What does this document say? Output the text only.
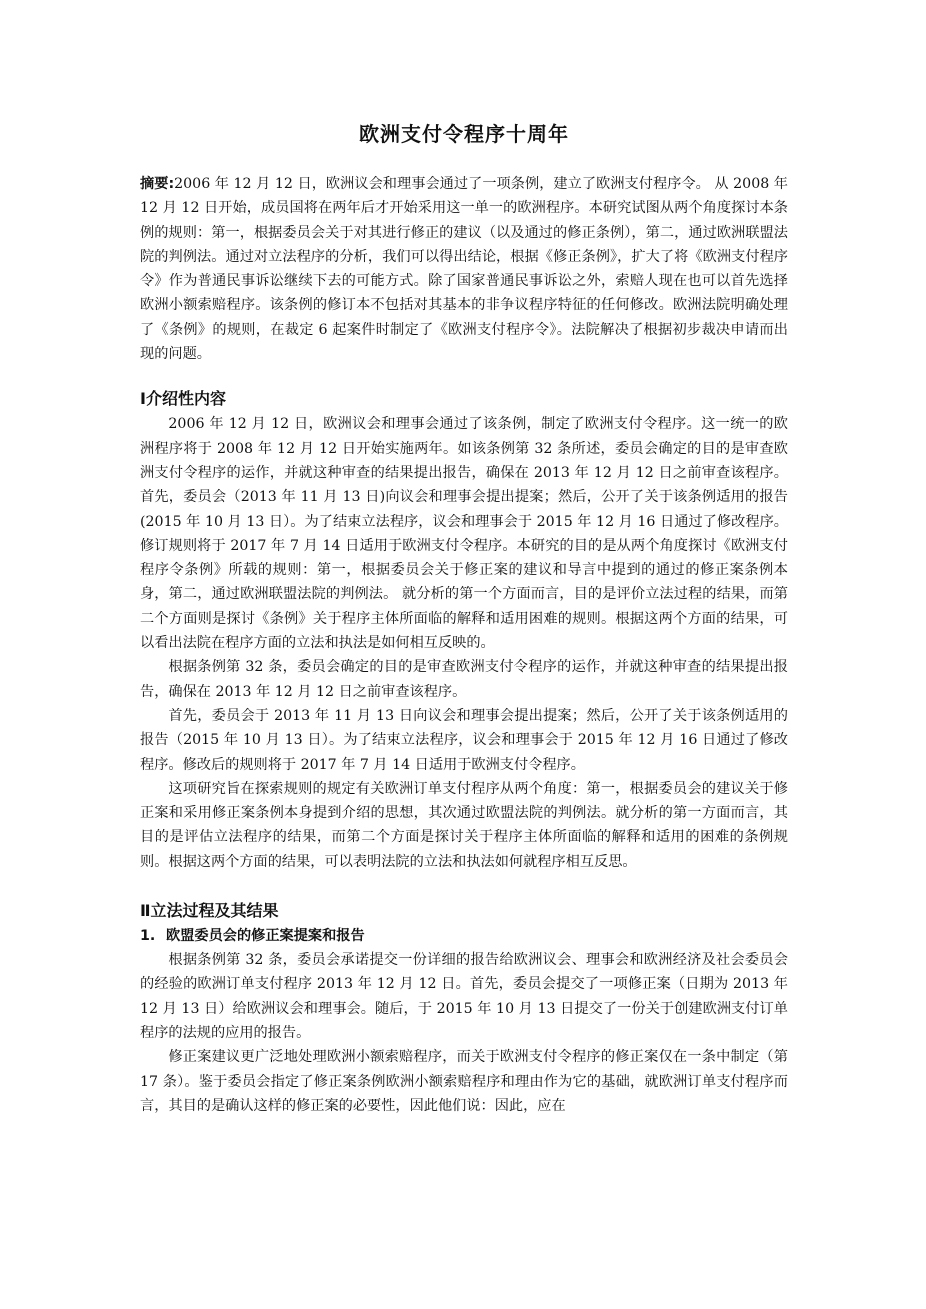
欧洲支付令程序十周年

摘要:2006 年 12 月 12 日，欧洲议会和理事会通过了一项条例，建立了欧洲支付程序令。 从 2008 年 12 月 12 日开始，成员国将在两年后才开始采用这一单一的欧洲程序。本研究试图从两个角度探讨本条例的规则：第一，根据委员会关于对其进行修正的建议（以及通过的修正条例），第二，通过欧洲联盟法院的判例法。通过对立法程序的分析，我们可以得出结论，根据《修正条例》，扩大了将《欧洲支付程序令》作为普通民事诉讼继续下去的可能方式。除了国家普通民事诉讼之外，索赔人现在也可以首先选择欧洲小额索赔程序。该条例的修订本不包括对其基本的非争议程序特征的任何修改。欧洲法院明确处理了《条例》的规则，在裁定 6 起案件时制定了《欧洲支付程序令》。法院解决了根据初步裁决申请而出现的问题。

Ⅰ介绍性内容

2006 年 12 月 12 日，欧洲议会和理事会通过了该条例，制定了欧洲支付令程序。这一统一的欧洲程序将于 2008 年 12 月 12 日开始实施两年。如该条例第 32 条所述，委员会确定的目的是审查欧洲支付令程序的运作，并就这种审查的结果提出报告，确保在 2013 年 12 月 12 日之前审查该程序。首先，委员会（2013 年 11 月 13 日)向议会和理事会提出提案；然后，公开了关于该条例适用的报告(2015 年 10 月 13 日）。为了结束立法程序，议会和理事会于 2015 年 12 月 16 日通过了修改程序。修订规则将于 2017 年 7 月 14 日适用于欧洲支付令程序。本研究的目的是从两个角度探讨《欧洲支付程序令条例》所载的规则：第一，根据委员会关于修正案的建议和导言中提到的通过的修正案条例本身，第二，通过欧洲联盟法院的判例法。 就分析的第一个方面而言，目的是评价立法过程的结果，而第二个方面则是探讨《条例》关于程序主体所面临的解释和适用困难的规则。根据这两个方面的结果，可以看出法院在程序方面的立法和执法是如何相互反映的。

根据条例第 32 条，委员会确定的目的是审查欧洲支付令程序的运作，并就这种审查的结果提出报告，确保在 2013 年 12 月 12 日之前审查该程序。

首先，委员会于 2013 年 11 月 13 日向议会和理事会提出提案；然后，公开了关于该条例适用的报告（2015 年 10 月 13 日）。为了结束立法程序，议会和理事会于 2015 年 12 月 16 日通过了修改程序。修改后的规则将于 2017 年 7 月 14 日适用于欧洲支付令程序。

这项研究旨在探索规则的规定有关欧洲订单支付程序从两个角度：第一，根据委员会的建议关于修正案和采用修正案条例本身提到介绍的思想，其次通过欧盟法院的判例法。就分析的第一方面而言，其目的是评估立法程序的结果，而第二个方面是探讨关于程序主体所面临的解释和适用的困难的条例规则。根据这两个方面的结果，可以表明法院的立法和执法如何就程序相互反思。

Ⅱ立法过程及其结果
1. 欧盟委员会的修正案提案和报告

根据条例第 32 条，委员会承诺提交一份详细的报告给欧洲议会、理事会和欧洲经济及社会委员会的经验的欧洲订单支付程序 2013 年 12 月 12 日。首先，委员会提交了一项修正案（日期为 2013 年 12 月 13 日）给欧洲议会和理事会。随后，于 2015 年 10 月 13 日提交了一份关于创建欧洲支付订单程序的法规的应用的报告。

修正案建议更广泛地处理欧洲小额索赔程序，而关于欧洲支付令程序的修正案仅在一条中制定（第 17 条）。鉴于委员会指定了修正案条例欧洲小额索赔程序和理由作为它的基础，就欧洲订单支付程序而言，其目的是确认这样的修正案的必要性，因此他们说：因此，应在
